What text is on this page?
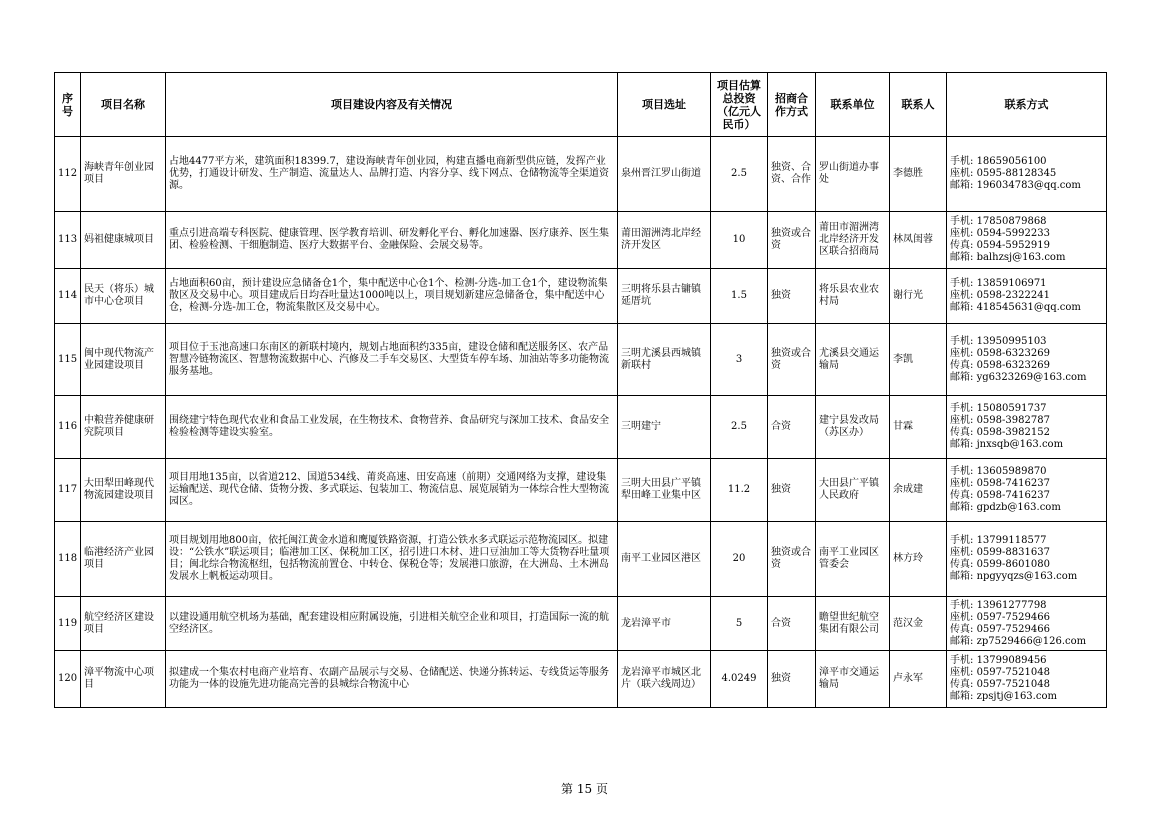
序号	项目名称	项目建设内容及有关情况	项目选址	项目估算总投资（亿元人民币）	招商合作方式	联系单位	联系人	联系方式
112	海峡青年创业园项目	占地4477平方米，建筑面积18399.7，建设海峡青年创业园，构建直播电商新型供应链，发挥产业优势，打通设计研发、生产制造、流量达人、品牌打造、内容分享、线下网点、仓储物流等全渠道资源。	泉州晋江罗山街道	2.5	独资、合资、合作	罗山街道办事处	李德胜	手机: 18659056100
座机: 0595-88128345
邮箱: 196034783@qq.com

113	妈祖健康城项目	重点引进高端专科医院、健康管理、医学教育培训、研发孵化平台、孵化加速器、医疗康养、医生集团、检验检测、干细胞制造、医疗大数据平台、金融保险、会展交易等。	莆田湄洲湾北岸经济开发区	10	独资或合资	莆田市湄洲湾北岸经济开发区联合招商局	林凤闺蓉	手机: 17850879868
座机: 0594-5992233
传真: 0594-5952919
邮箱: balhzsj@163.com

114	民天（将乐）城市中心仓项目	占地面积60亩，预计建设应急储备仓1个，集中配送中心仓1个、检测-分选-加工仓1个，建设物流集散区及交易中心。项目建成后日均吞吐量达1000吨以上，项目规划新建应急储备仓，集中配送中心仓，检测-分选-加工仓，物流集散区及交易中心。	三明将乐县古镛镇延厝坑	1.5	独资	将乐县农业农村局	谢行光	手机: 13859106971
座机: 0598-2322241
邮箱: 418545631@qq.com

115	闽中现代物流产业园建设项目	项目位于玉池高速口东南区的新联村境内，规划占地面积约335亩，建设仓储和配送服务区、农产品智慧冷链物流区、智慧物流数据中心、汽修及二手车交易区、大型货车停车场、加油站等多功能物流服务基地。	三明尤溪县西城镇新联村	3	独资或合资	尤溪县交通运输局	李凯	手机: 13950995103
座机: 0598-6323269
传真: 0598-6323269
邮箱: yg6323269@163.com

116	中粮营养健康研究院项目	围绕建宁特色现代农业和食品工业发展，在生物技术、食物营养、食品研究与深加工技术、食品安全检验检测等建设实验室。	三明建宁	2.5	合资	建宁县发改局（苏区办）	甘霖	手机: 15080591737
座机: 0598-3982787
传真: 0598-3982152
邮箱: jnxsqb@163.com

117	大田犁田峰现代物流园建设项目	项目用地135亩，以省道212、国道534线、莆炎高速、田安高速（前期）交通网络为支撑，建设集运输配送、现代仓储、货物分拨、多式联运、包装加工、物流信息、展览展销为一体综合性大型物流园区。	三明大田县广平镇犁田峰工业集中区	11.2	独资	大田县广平镇人民政府	余成建	手机: 13605989870
座机: 0598-7416237
传真: 0598-7416237
邮箱: gpdzb@163.com

118	临港经济产业园项目	项目规划用地800亩，依托闽江黄金水道和鹰厦铁路资源，打造公铁水多式联运示范物流园区。拟建设：“公铁水”联运项目；临港加工区、保税加工区，招引进口木材、进口豆油加工等大货物吞吐量项目；闽北综合物流枢纽，包括物流前置仓、中转仓、保税仓等；发展港口旅游，在大洲岛、土木洲岛发展水上帆板运动项目。	南平工业园区港区	20	独资或合资	南平工业园区管委会	林方玲	手机: 13799118577
座机: 0599-8831637
传真: 0599-8601080
邮箱: npgyyqzs@163.com

119	航空经济区建设项目	以建设通用航空机场为基础，配套建设相应附属设施，引进相关航空企业和项目，打造国际一流的航空经济区。	龙岩漳平市	5	合资	瞻望世纪航空集团有限公司	范汉金	手机: 13961277798
座机: 0597-7529466
传真: 0597-7529466
邮箱: zp7529466@126.com

120	漳平物流中心项目	拟建成一个集农村电商产业培育、农副产品展示与交易、仓储配送、快递分拣转运、专线货运等服务功能为一体的设施先进功能高完善的县城综合物流中心	龙岩漳平市城区北片（联六线周边）	4.0249	独资	漳平市交通运输局	卢永军	手机: 13799089456
座机: 0597-7521048
传真: 0597-7521048
邮箱: zpsjtj@163.com
第 15 页
